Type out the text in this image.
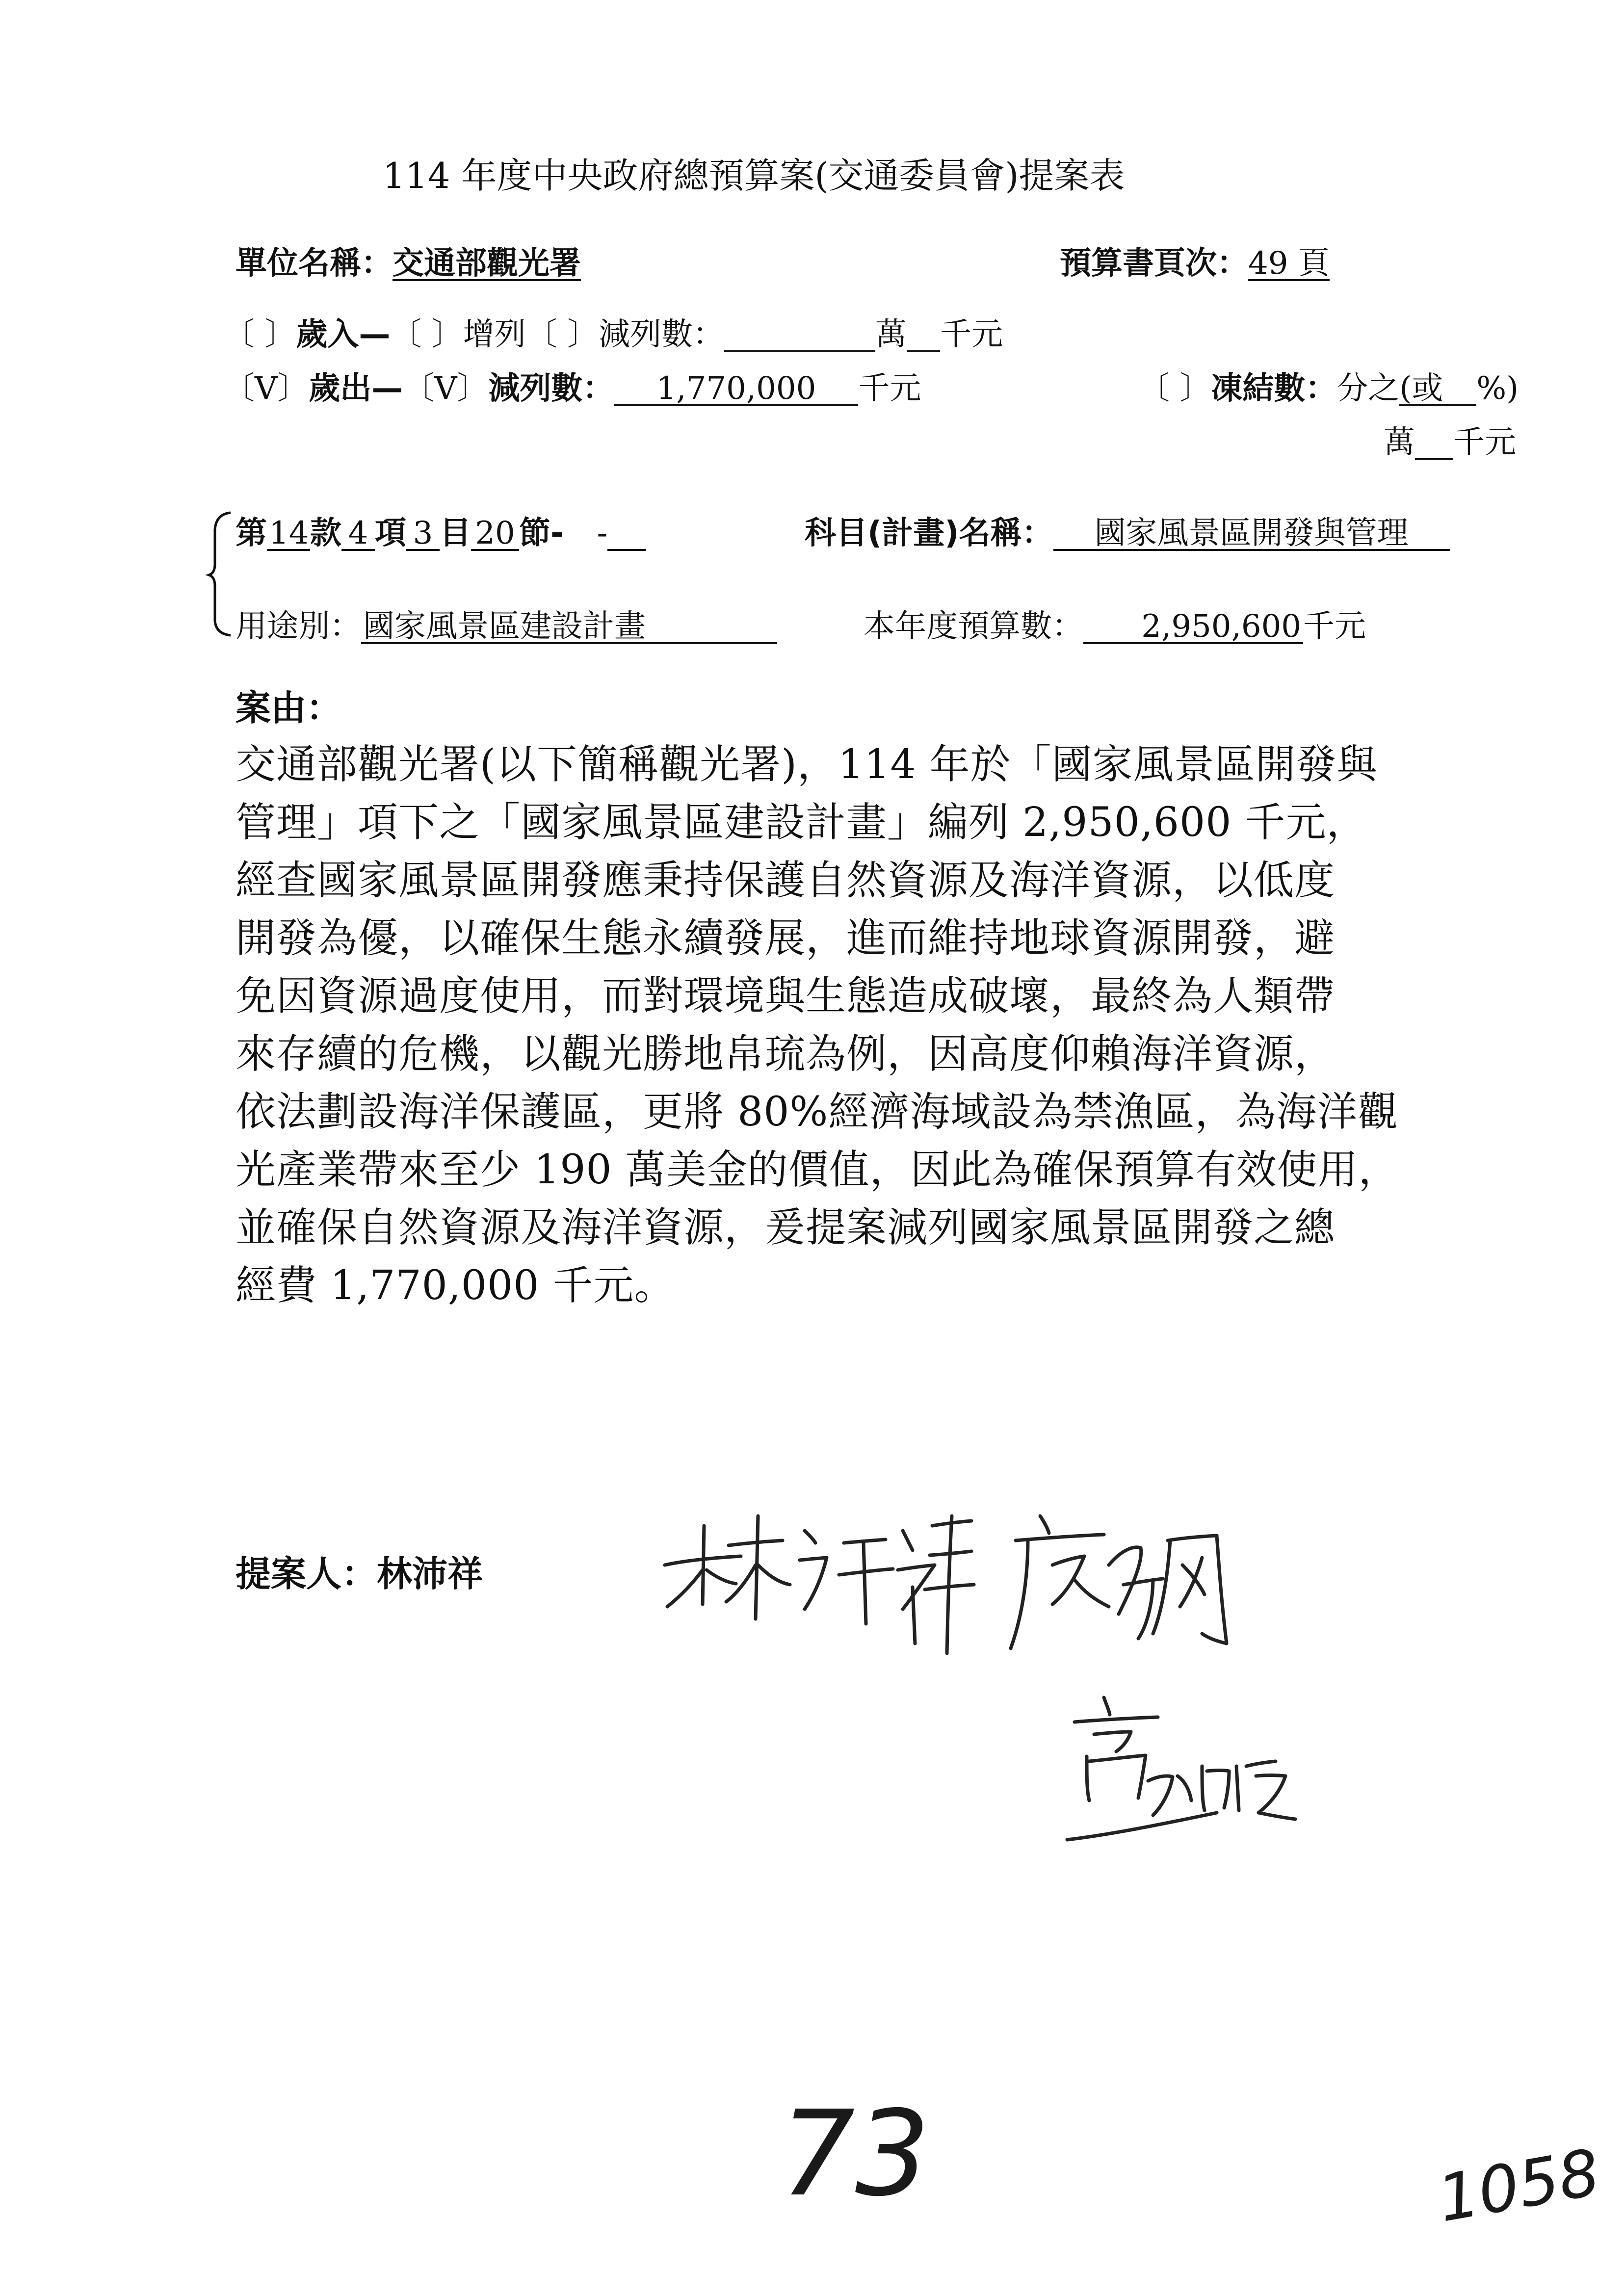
114 年度中央政府總預算案(交通委員會)提案表
單位名稱：交通部觀光署	預算書頁次：49 頁
〔 〕歲入—〔 〕增列〔 〕減列數：	萬 千元
〔V〕歲出—〔V〕減列數： 1,770,000 千元	〔 〕凍結數：分之(或 %)
萬 千元
第14款 4 項 3 目 20 節- -	科目(計畫)名稱： 國家風景區開發與管理
用途別：國家風景區建設計畫	本年度預算數： 2,950,600千元
案由：
交通部觀光署(以下簡稱觀光署)，114 年於「國家風景區開發與
管理」項下之「國家風景區建設計畫」編列 2,950,600 千元，
經查國家風景區開發應秉持保護自然資源及海洋資源，以低度
開發為優，以確保生態永續發展，進而維持地球資源開發，避
免因資源過度使用，而對環境與生態造成破壞，最終為人類帶
來存續的危機，以觀光勝地帛琉為例，因高度仰賴海洋資源，
依法劃設海洋保護區，更將 80%經濟海域設為禁漁區，為海洋觀
光產業帶來至少 190 萬美金的價值，因此為確保預算有效使用，
並確保自然資源及海洋資源，爰提案減列國家風景區開發之總
經費 1,770,000 千元。
提案人：林沛祥
73	1058
